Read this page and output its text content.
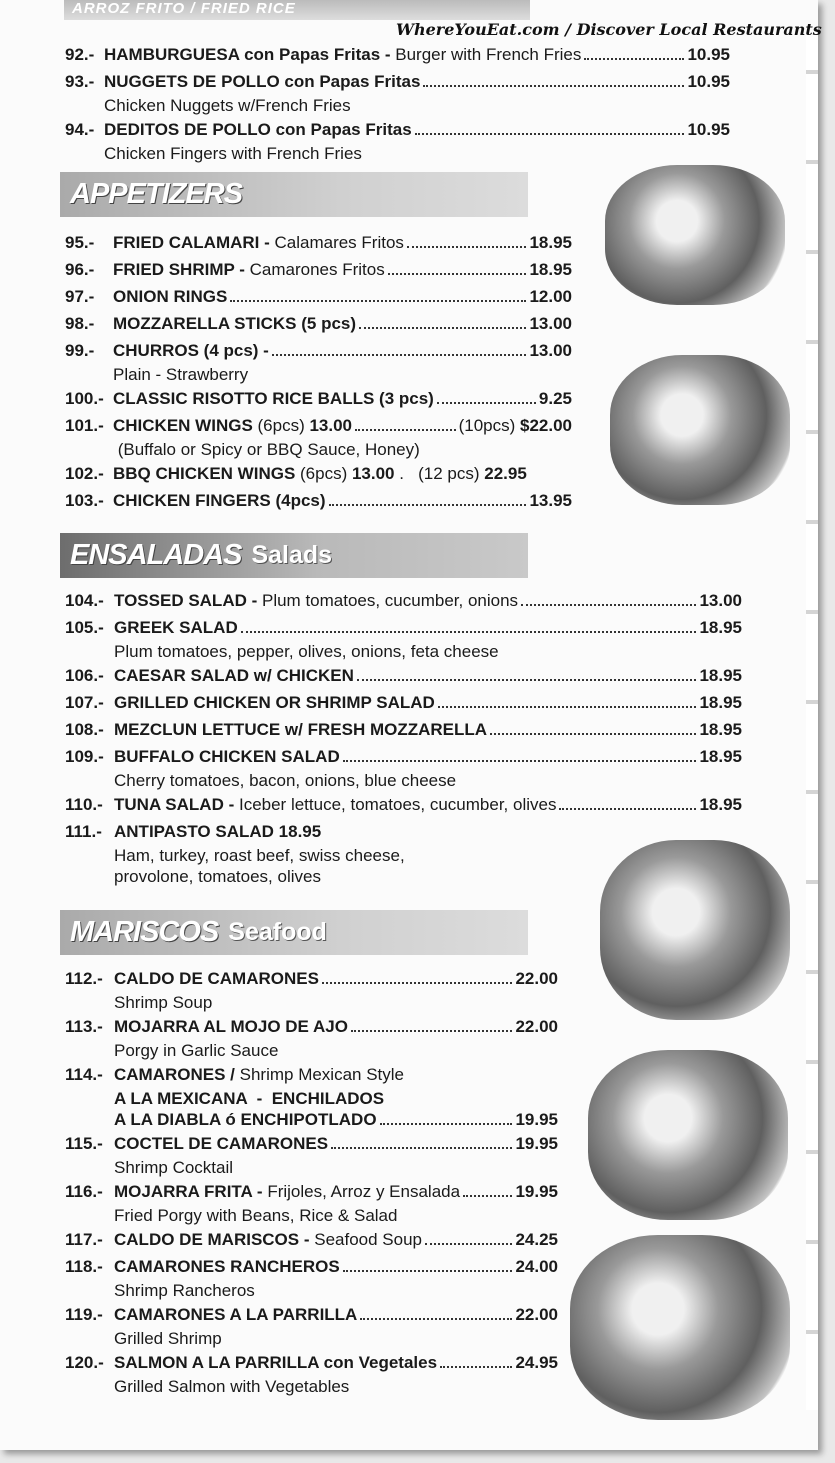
ARROZ FRITO / FRIED RICE
WhereYouEat.com / Discover Local Restaurants
APPETIZERS
ENSALADAS Salads
MARISCOS Seafood
92.- HAMBURGUESA con Papas Fritas - Burger with French Fries	10.95
93.- NUGGETS DE POLLO con Papas Fritas	10.95
Chicken Nuggets w/French Fries
94.- DEDITOS DE POLLO con Papas Fritas	10.95
Chicken Fingers with French Fries
95.-	FRIED CALAMARI - Calamares Fritos	18.95
96.-	FRIED SHRIMP - Camarones Fritos	18.95
97.-	ONION RINGS	12.00
98.-	MOZZARELLA STICKS (5 pcs)	13.00
99.-	CHURROS (4 pcs) -	13.00
Plain - Strawberry
100.- CLASSIC RISOTTO RICE BALLS (3 pcs)	9.25
101.- CHICKEN WINGS (6pcs) 13.00	(10pcs) $22.00
(Buffalo or Spicy or BBQ Sauce, Honey)
102.- BBQ CHICKEN WINGS (6pcs) 13.00 .   (12 pcs) 22.95
103.- CHICKEN FINGERS (4pcs)	13.95
104.- TOSSED SALAD - Plum tomatoes, cucumber, onions	13.00
105.- GREEK SALAD	18.95
Plum tomatoes, pepper, olives, onions, feta cheese
106.- CAESAR SALAD w/ CHICKEN	18.95
107.- GRILLED CHICKEN OR SHRIMP SALAD	18.95
108.- MEZCLUN LETTUCE w/ FRESH MOZZARELLA	18.95
109.- BUFFALO CHICKEN SALAD	18.95
Cherry tomatoes, bacon, onions, blue cheese
110.- TUNA SALAD - Iceber lettuce, tomatoes, cucumber, olives	18.95
111.- ANTIPASTO SALAD 18.95
Ham, turkey, roast beef, swiss cheese,
provolone, tomatoes, olives
112.- CALDO DE CAMARONES	22.00
Shrimp Soup
113.- MOJARRA AL MOJO DE AJO	22.00
Porgy in Garlic Sauce
114.- CAMARONES / Shrimp Mexican Style
A LA MEXICANA  -  ENCHILADOS
A LA DIABLA ó ENCHIPOTLADO	19.95
115.- COCTEL DE CAMARONES	19.95
Shrimp Cocktail
116.- MOJARRA FRITA - Frijoles, Arroz y Ensalada	19.95
Fried Porgy with Beans, Rice & Salad
117.- CALDO DE MARISCOS - Seafood Soup	24.25
118.- CAMARONES RANCHEROS	24.00
Shrimp Rancheros
119.- CAMARONES A LA PARRILLA	22.00
Grilled Shrimp
120.- SALMON A LA PARRILLA con Vegetales	24.95
Grilled Salmon with Vegetables
